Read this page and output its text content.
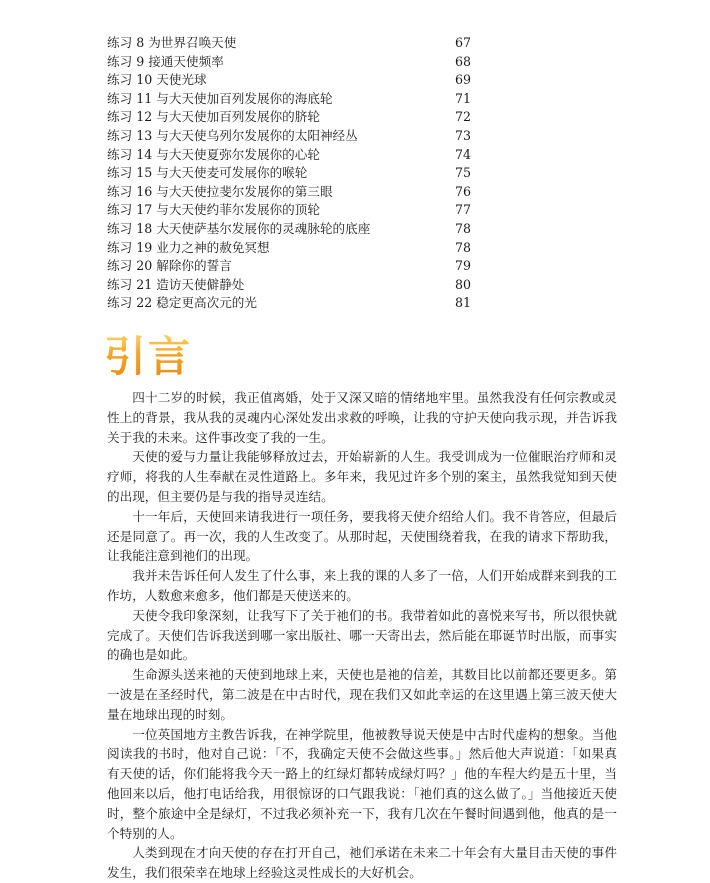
练习 8 为世界召唤天使	67
练习 9 接通天使频率	68
练习 10 天使光球	69
练习 11 与大天使加百列发展你的海底轮	71
练习 12 与大天使加百列发展你的脐轮	72
练习 13 与大天使乌列尔发展你的太阳神经丛	73
练习 14 与大天使夏弥尔发展你的心轮	74
练习 15 与大天使麦可发展你的喉轮	75
练习 16 与大天使拉斐尔发展你的第三眼	76
练习 17 与大天使约菲尔发展你的顶轮	77
练习 18 大天使萨基尔发展你的灵魂脉轮的底座	78
练习 19 业力之神的赦免冥想	78
练习 20 解除你的誓言	79
练习 21 造访天使僻静处	80
练习 22 稳定更高次元的光	81
引言

四十二岁的时候，我正值离婚，处于又深又暗的情绪地牢里。虽然我没有任何宗教或灵性上的背景，我从我的灵魂内心深处发出求救的呼唤，让我的守护天使向我示现，并告诉我关于我的未来。这件事改变了我的一生。

天使的爱与力量让我能够释放过去，开始崭新的人生。我受训成为一位催眠治疗师和灵疗师，将我的人生奉献在灵性道路上。多年来，我见过许多个别的案主，虽然我觉知到天使的出现，但主要仍是与我的指导灵连结。

十一年后，天使回来请我进行一项任务，要我将天使介绍给人们。我不肯答应，但最后还是同意了。再一次，我的人生改变了。从那时起，天使围绕着我，在我的请求下帮助我，让我能注意到祂们的出现。

我并未告诉任何人发生了什么事，来上我的课的人多了一倍，人们开始成群来到我的工作坊，人数愈来愈多，他们都是天使送来的。

天使令我印象深刻，让我写下了关于祂们的书。我带着如此的喜悦来写书，所以很快就完成了。天使们告诉我送到哪一家出版社、哪一天寄出去，然后能在耶诞节时出版，而事实的确也是如此。

生命源头送来祂的天使到地球上来，天使也是祂的信差，其数目比以前都还要更多。第一波是在圣经时代，第二波是在中古时代，现在我们又如此幸运的在这里遇上第三波天使大量在地球出现的时刻。

一位英国地方主教告诉我，在神学院里，他被教导说天使是中古时代虚构的想象。当他阅读我的书时，他对自己说：「不，我确定天使不会做这些事。」然后他大声说道：「如果真有天使的话，你们能将我今天一路上的红绿灯都转成绿灯吗？」他的车程大约是五十里，当他回来以后，他打电话给我，用很惊讶的口气跟我说：「祂们真的这么做了。」当他接近天使时，整个旅途中全是绿灯，不过我必须补充一下，我有几次在午餐时间遇到他，他真的是一个特别的人。

人类到现在才向天使的存在打开自己，祂们承诺在未来二十年会有大量目击天使的事件发生，我们很荣幸在地球上经验这灵性成长的大好机会。
